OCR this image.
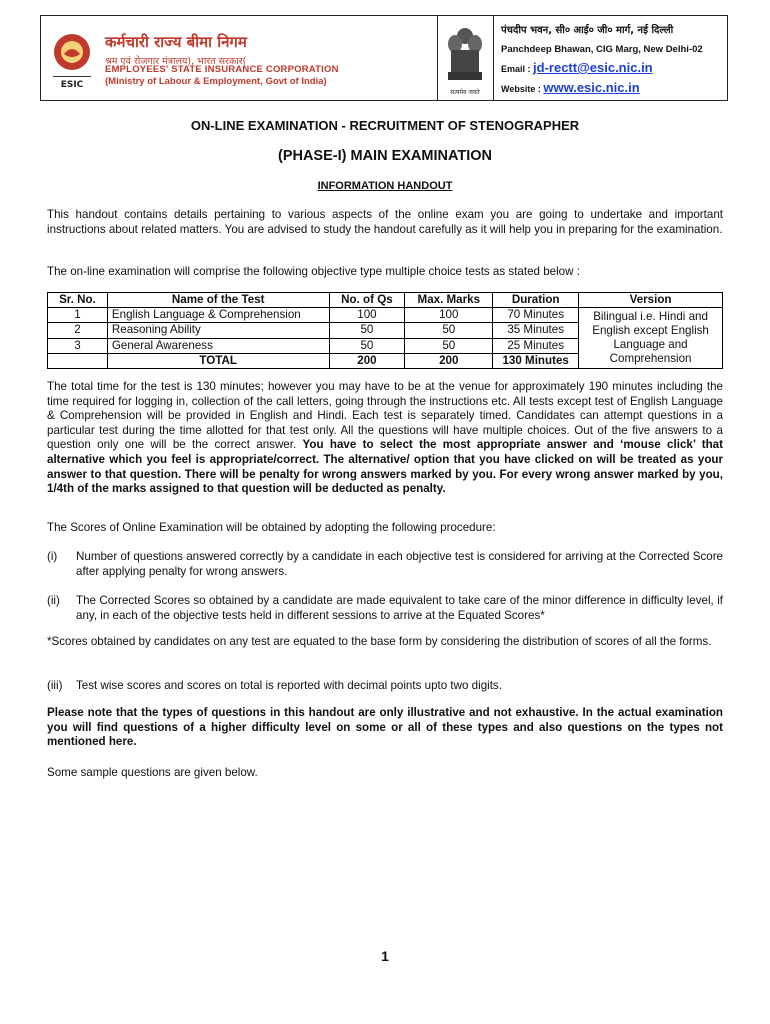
ESIC
कर्मचारी राज्य बीमा निगम
श्रम एवं रोजगार मंत्रालय), भारत सरकार(
EMPLOYEES' STATE INSURANCE CORPORATION
(Ministry of Labour & Employment, Govt of India)
सत्यमेव जयते
पंचदीप भवन, सी० आई० जी० मार्ग, नई दिल्ली
Panchdeep Bhawan, CIG Marg, New Delhi-02
Email : jd-rectt@esic.nic.in
Website : www.esic.nic.in
ON-LINE EXAMINATION - RECRUITMENT OF STENOGRAPHER
(PHASE-I) MAIN EXAMINATION
INFORMATION HANDOUT

This handout contains details pertaining to various aspects of the online exam you are going to undertake and important instructions about related matters. You are advised to study the handout carefully as it will help you in preparing for the examination.

The on-line examination will comprise the following objective type multiple choice tests as stated below :

Sr. No.	Name of the Test	No. of Qs	Max. Marks	Duration	Version
1	English Language & Comprehension	100	100	70 Minutes	Bilingual i.e. Hindi and English except English Language and Comprehension
2	Reasoning Ability	50	50	35 Minutes	
3	General Awareness	50	50	25 Minutes	
	TOTAL	200	200	130 Minutes	

The total time for the test is 130 minutes; however you may have to be at the venue for approximately 190 minutes including the time required for logging in, collection of the call letters, going through the instructions etc. All tests except test of English Language & Comprehension will be provided in English and Hindi. Each test is separately timed. Candidates can attempt questions in a particular test during the time allotted for that test only. All the questions will have multiple choices. Out of the five answers to a question only one will be the correct answer. You have to select the most appropriate answer and ‘mouse click’ that alternative which you feel is appropriate/correct. The alternative/ option that you have clicked on will be treated as your answer to that question. There will be penalty for wrong answers marked by you. For every wrong answer marked by you, 1/4th of the marks assigned to that question will be deducted as penalty.

The Scores of Online Examination will be obtained by adopting the following procedure:

(i) Number of questions answered correctly by a candidate in each objective test is considered for arriving at the Corrected Score after applying penalty for wrong answers.
(ii) The Corrected Scores so obtained by a candidate are made equivalent to take care of the minor difference in difficulty level, if any, in each of the objective tests held in different sessions to arrive at the Equated Scores*

*Scores obtained by candidates on any test are equated to the base form by considering the distribution of scores of all the forms.

(iii) Test wise scores and scores on total is reported with decimal points upto two digits.

Please note that the types of questions in this handout are only illustrative and not exhaustive. In the actual examination you will find questions of a higher difficulty level on some or all of these types and also questions on the types not mentioned here.

Some sample questions are given below.

1
